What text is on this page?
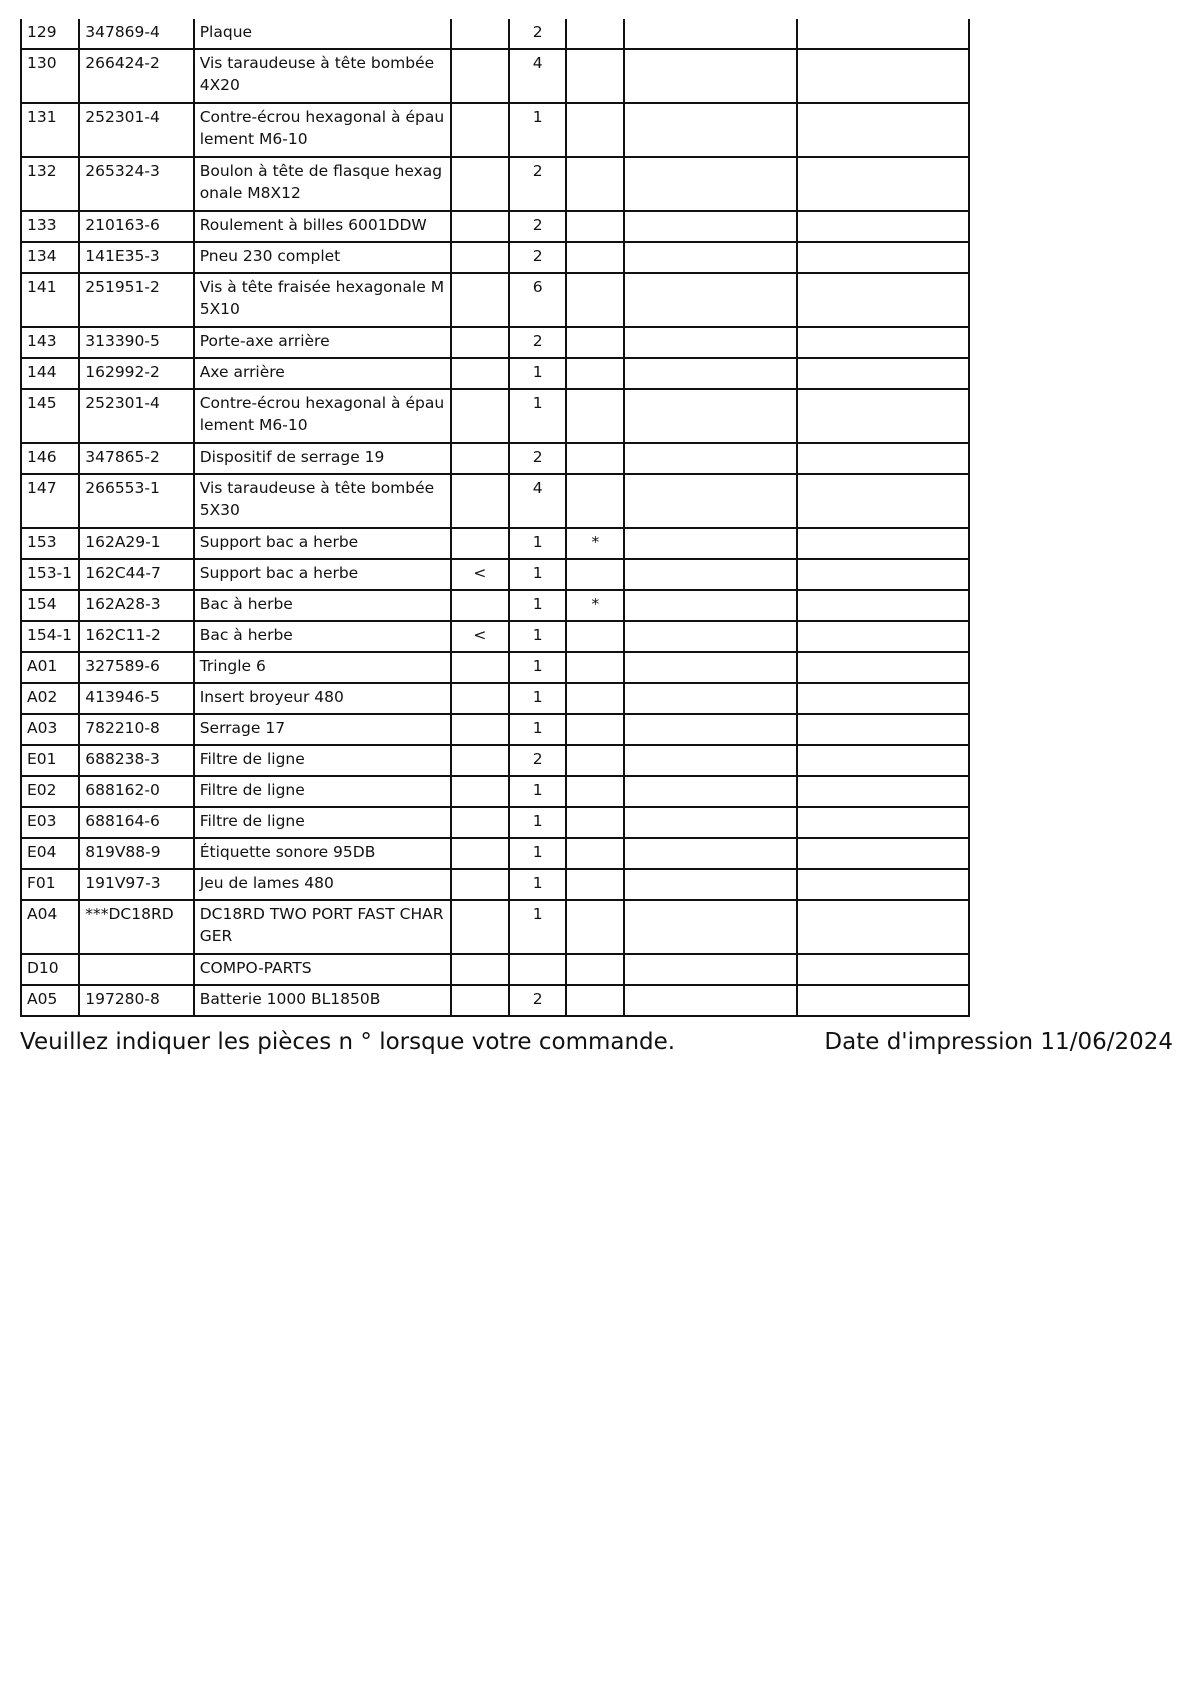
129	347869-4	Plaque		2			
130	266424-2	Vis taraudeuse à tête bombée 4X20		4			
131	252301-4	Contre-écrou hexagonal à épaulement M6-10		1			
132	265324-3	Boulon à tête de flasque hexagonale M8X12		2			
133	210163-6	Roulement à billes 6001DDW		2			
134	141E35-3	Pneu 230 complet		2			
141	251951-2	Vis à tête fraisée hexagonale M5X10		6			
143	313390-5	Porte-axe arrière		2			
144	162992-2	Axe arrière		1			
145	252301-4	Contre-écrou hexagonal à épaulement M6-10		1			
146	347865-2	Dispositif de serrage 19		2			
147	266553-1	Vis taraudeuse à tête bombée 5X30		4			
153	162A29-1	Support bac a herbe		1	*		
153-1	162C44-7	Support bac a herbe	<	1			
154	162A28-3	Bac à herbe		1	*		
154-1	162C11-2	Bac à herbe	<	1			
A01	327589-6	Tringle 6		1			
A02	413946-5	Insert broyeur 480		1			
A03	782210-8	Serrage 17		1			
E01	688238-3	Filtre de ligne		2			
E02	688162-0	Filtre de ligne		1			
E03	688164-6	Filtre de ligne		1			
E04	819V88-9	Étiquette sonore 95DB		1			
F01	191V97-3	Jeu de lames 480		1			
A04	***DC18RD	DC18RD TWO PORT FAST CHARGER		1			
D10		COMPO-PARTS					
A05	197280-8	Batterie 1000 BL1850B		2			
Veuillez indiquer les pièces n ° lorsque votre commande.	Date d'impression 11/06/2024
